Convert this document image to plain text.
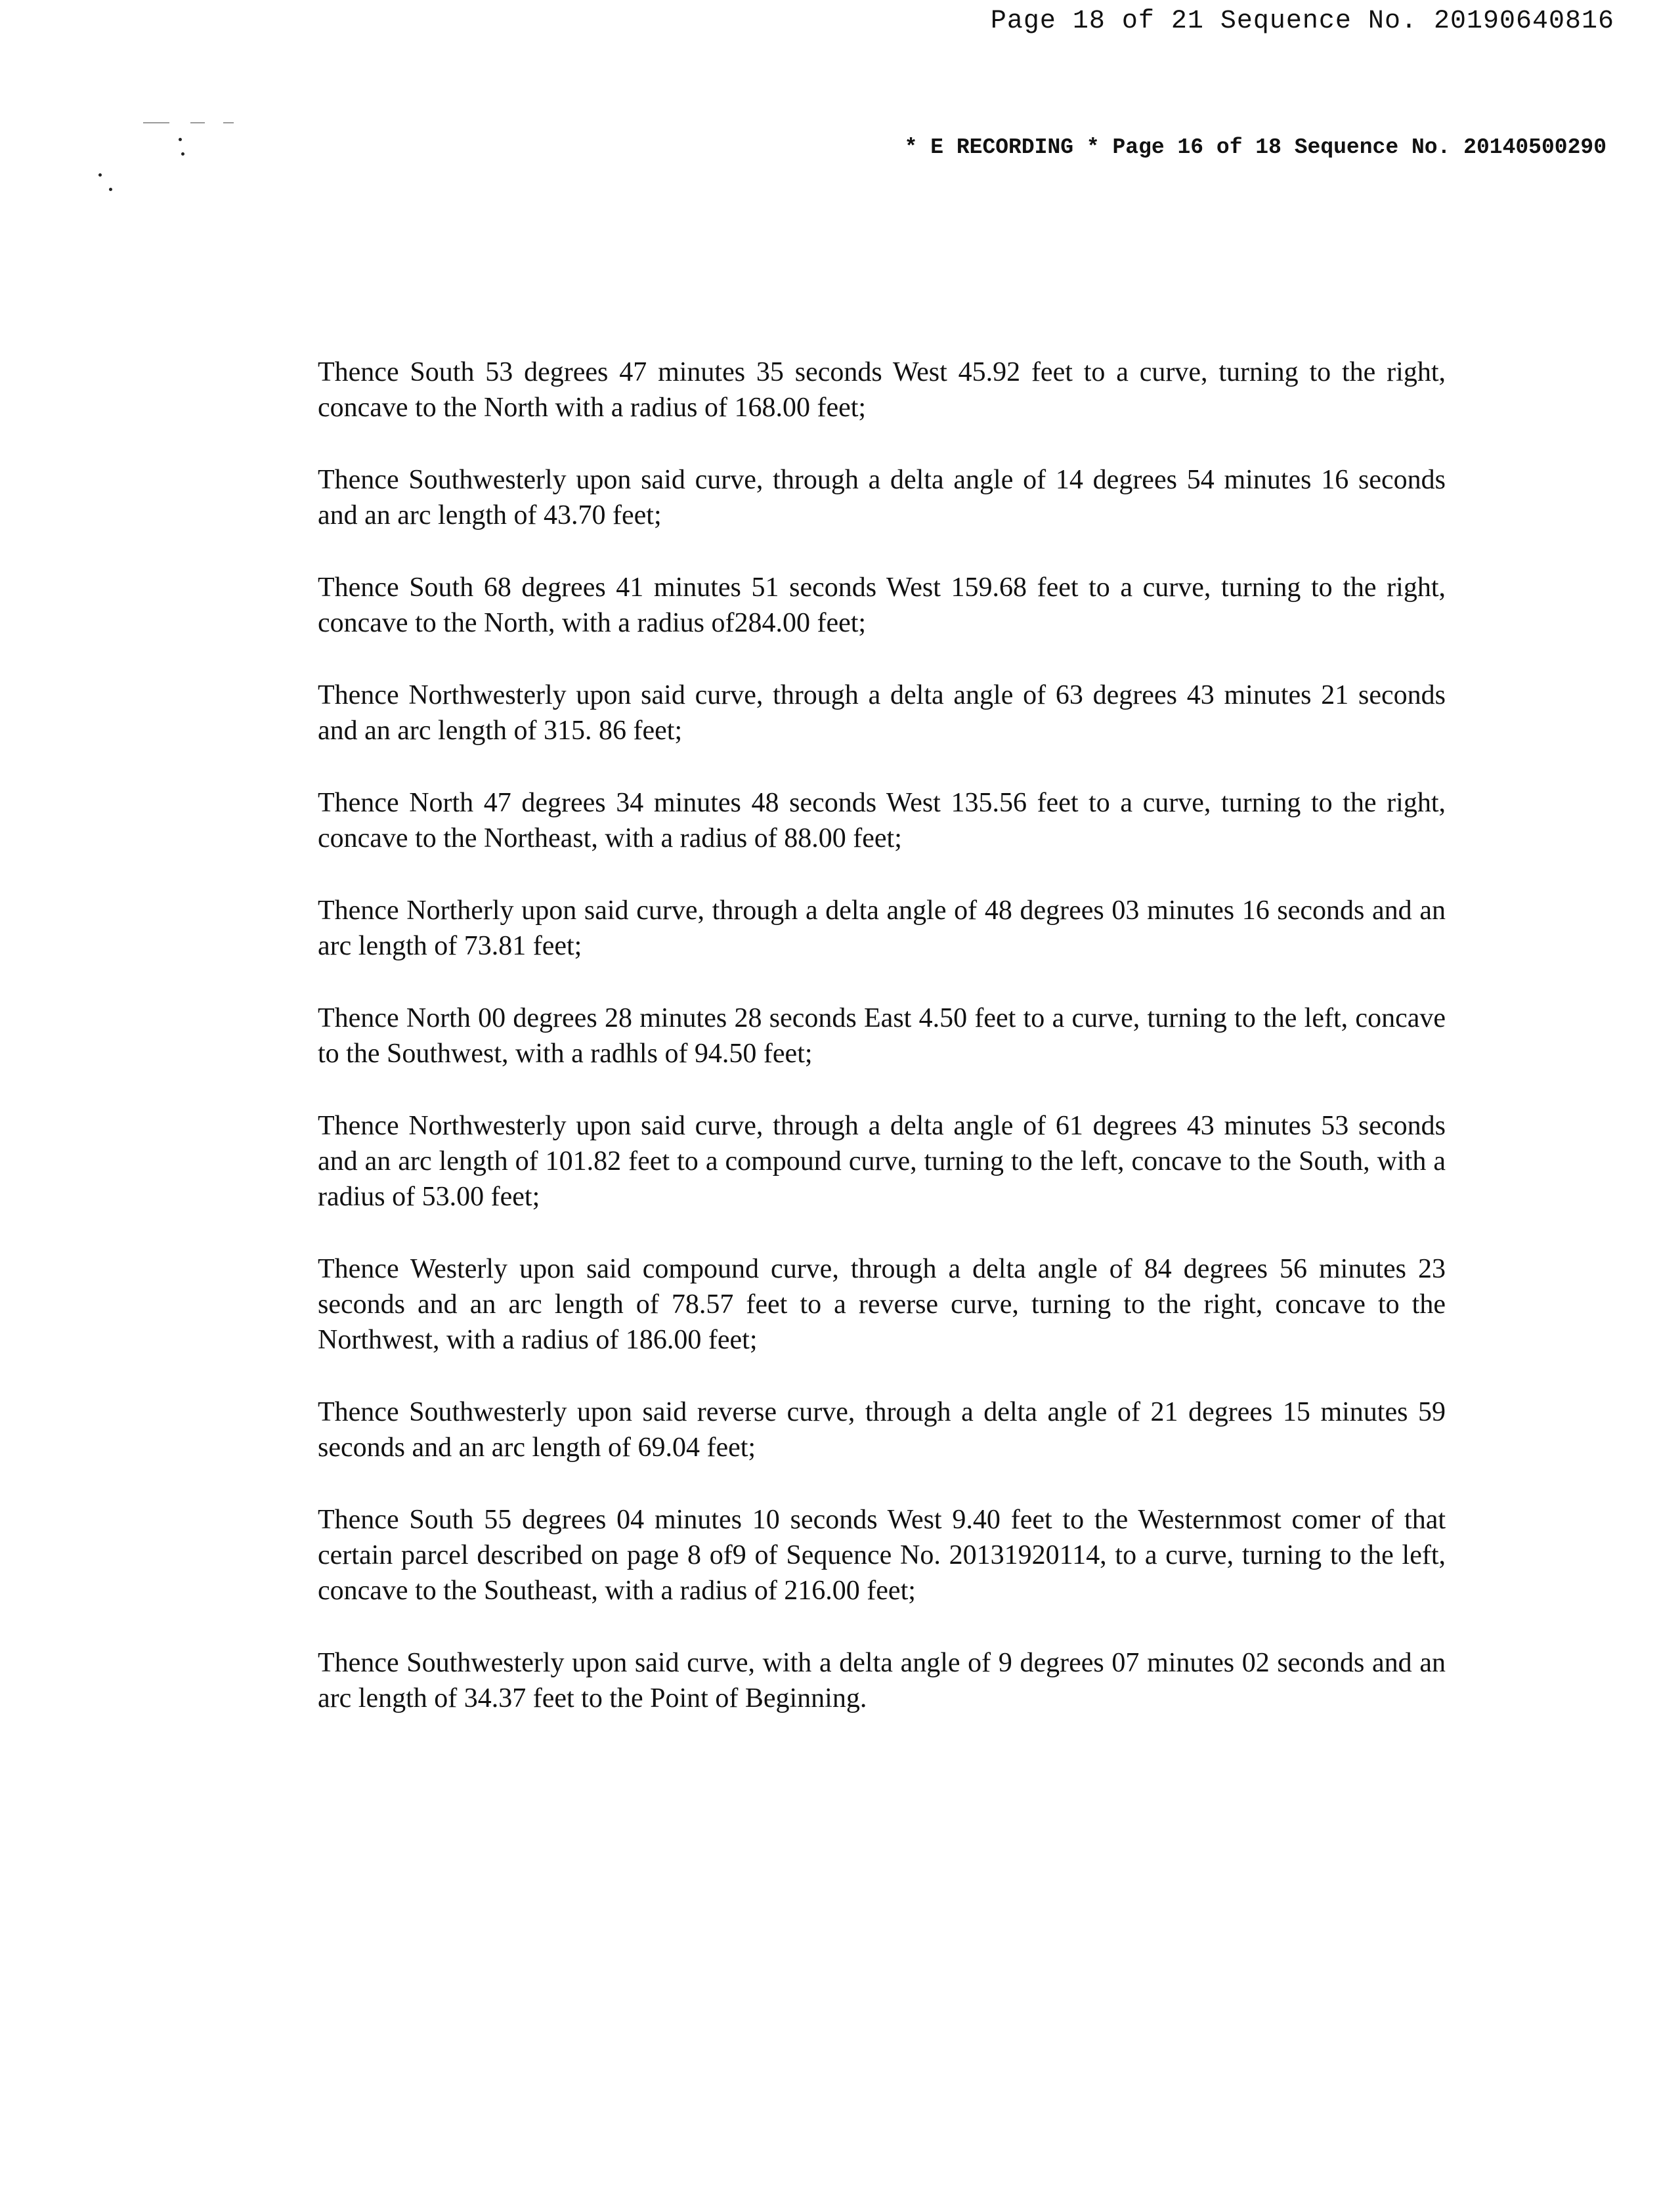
Page 18 of 21 Sequence No. 20190640816
* E RECORDING * Page 16 of 18 Sequence No. 20140500290

Thence South 53 degrees 47 minutes 35 seconds West 45.92 feet to a curve, turning to the right, concave to the North with a radius of 168.00 feet;

Thence Southwesterly upon said curve, through a delta angle of 14 degrees 54 minutes 16 seconds and an arc length of 43.70 feet;

Thence South 68 degrees 41 minutes 51 seconds West 159.68 feet to a curve, turning to the right, concave to the North, with a radius of284.00 feet;

Thence Northwesterly upon said curve, through a delta angle of 63 degrees 43 minutes 21 seconds and an arc length of 315. 86 feet;

Thence North 47 degrees 34 minutes 48 seconds West 135.56 feet to a curve, turning to the right, concave to the Northeast, with a radius of 88.00 feet;

Thence Northerly upon said curve, through a delta angle of 48 degrees 03 minutes 16 seconds and an arc length of 73.81 feet;

Thence North 00 degrees 28 minutes 28 seconds East 4.50 feet to a curve, turning to the left, concave to the Southwest, with a radhls of 94.50 feet;

Thence Northwesterly upon said curve, through a delta angle of 61 degrees 43 minutes 53 seconds and an arc length of 101.82 feet to a compound curve, turning to the left, concave to the South, with a radius of 53.00 feet;

Thence Westerly upon said compound curve, through a delta angle of 84 degrees 56 minutes 23 seconds and an arc length of 78.57 feet to a reverse curve, turning to the right, concave to the Northwest, with a radius of 186.00 feet;

Thence Southwesterly upon said reverse curve, through a delta angle of 21 degrees 15 minutes 59 seconds and an arc length of 69.04 feet;

Thence South 55 degrees 04 minutes 10 seconds West 9.40 feet to the Westernmost comer of that certain parcel described on page 8 of9 of Sequence No. 20131920114, to a curve, turning to the left, concave to the Southeast, with a radius of 216.00 feet;

Thence Southwesterly upon said curve, with a delta angle of 9 degrees 07 minutes 02 seconds and an arc length of 34.37 feet to the Point of Beginning.
